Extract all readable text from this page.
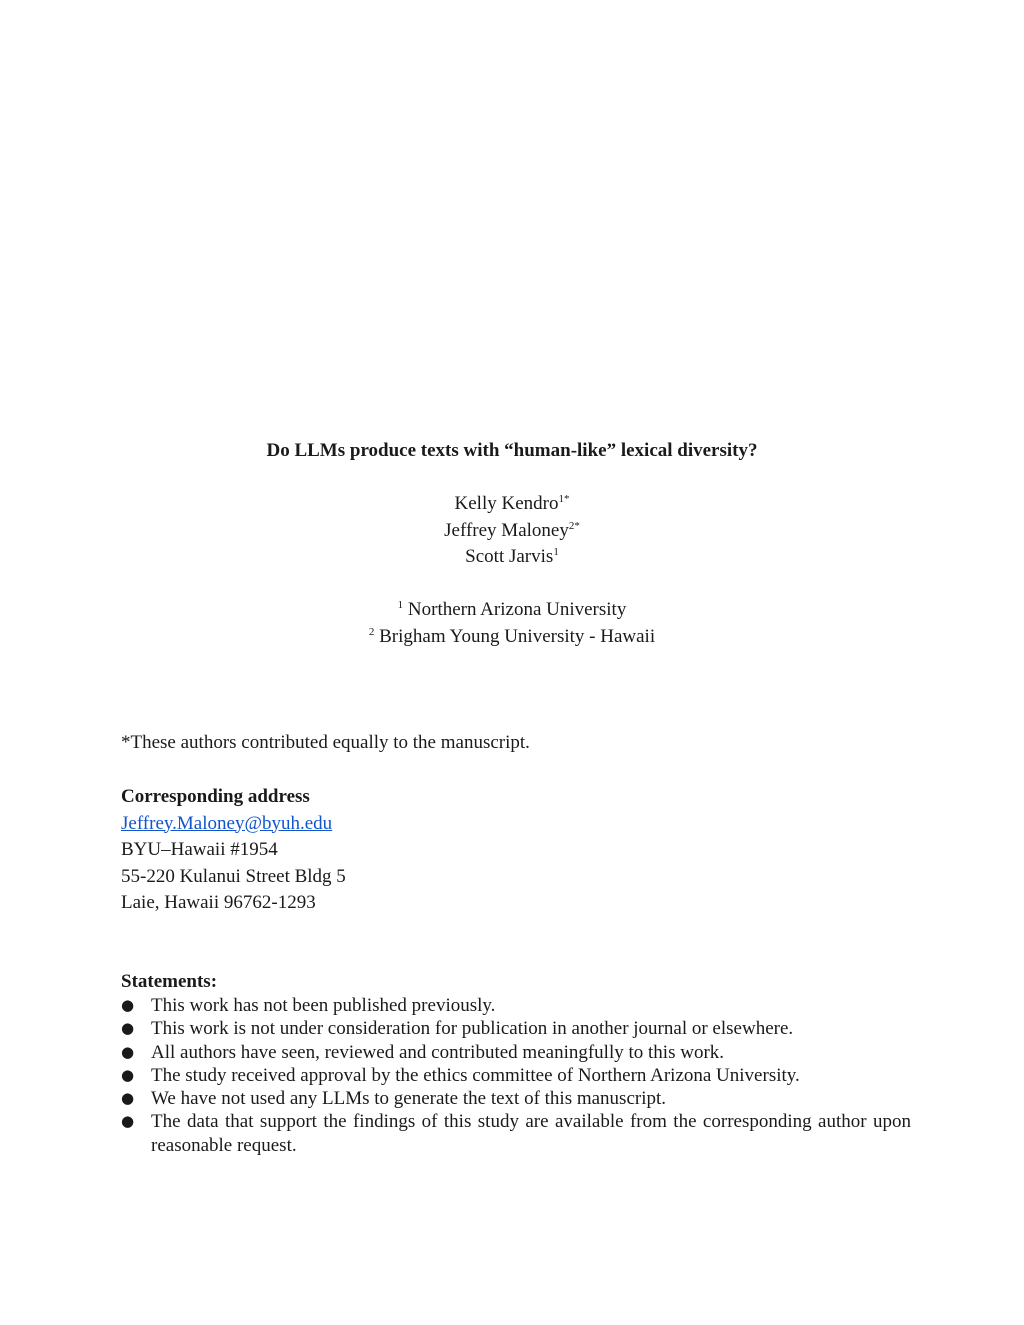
Do LLMs produce texts with “human-like” lexical diversity?
Kelly Kendro$^{1*}$
Jeffrey Maloney$^{2*}$
Scott Jarvis$^1$
$^1$ Northern Arizona University
$^2$ Brigham Young University - Hawaii
*These authors contributed equally to the manuscript.
Corresponding address
Jeffrey.Maloney@byuh.edu
BYU–Hawaii #1954
55-220 Kulanui Street Bldg 5
Laie, Hawaii 96762-1293
Statements:
● This work has not been published previously.
● This work is not under consideration for publication in another journal or elsewhere.
● All authors have seen, reviewed and contributed meaningfully to this work.
● The study received approval by the ethics committee of Northern Arizona University.
● We have not used any LLMs to generate the text of this manuscript.
● The data that support the findings of this study are available from the corresponding author upon reasonable request.
